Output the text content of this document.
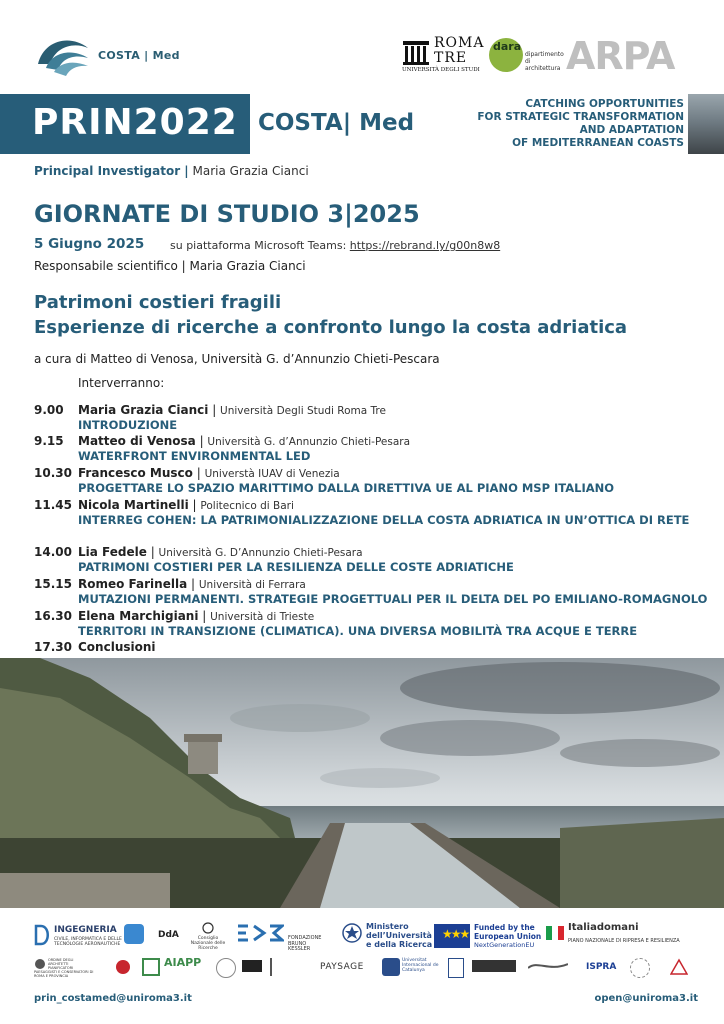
COSTA | Med
ROMA TRE
UNIVERSITÀ DEGLI STUDI
dara
dipartimento di architettura ARPA
PRIN2022 COSTA| Med
CATCHING OPPORTUNITIES
FOR STRATEGIC TRANSFORMATION
AND ADAPTATION
OF MEDITERRANEAN COASTS
Principal Investigator | Maria Grazia Cianci
GIORNATE DI STUDIO 3|2025
5 Giugno 2025 su piattaforma Microsoft Teams: https://rebrand.ly/g00n8w8
Responsabile scientifico | Maria Grazia Cianci
Patrimoni costieri fragili
Esperienze di ricerche a confronto lungo la costa adriatica
a cura di Matteo di Venosa, Università G. d’Annunzio Chieti-Pescara
Interverranno:
9.00	Maria Grazia Cianci | Università Degli Studi Roma Tre
INTRODUZIONE
9.15	Matteo di Venosa | Università G. d’Annunzio Chieti-Pesara
WATERFRONT ENVIRONMENTAL LED
10.30 Francesco Musco | Universtà IUAV di Venezia
PROGETTARE LO SPAZIO MARITTIMO DALLA DIRETTIVA UE AL PIANO MSP ITALIANO
11.45 Nicola Martinelli | Politecnico di Bari
INTERREG COHEN: LA PATRIMONIALIZZAZIONE DELLA COSTA ADRIATICA IN UN’OTTICA DI RETE
14.00 Lia Fedele | Università G. D’Annunzio Chieti-Pesara
PATRIMONI COSTIERI PER LA RESILIENZA DELLE COSTE ADRIATICHE
15.15 Romeo Farinella | Università di Ferrara
MUTAZIONI PERMANENTI. STRATEGIE PROGETTUALI PER IL DELTA DEL PO EMILIANO-ROMAGNOLO
16.30 Elena Marchigiani | Università di Trieste
TERRITORI IN TRANSIZIONE (CLIMATICA). UNA DIVERSA MOBILITÀ TRA ACQUE E TERRE
17.30 Conclusioni
INGEGNERIA
CIVILE, INFORMATICA E DELLE TECNOLOGIE AERONAUTICHE
DdA	Consiglio Nazionale delle Ricerche
FONDAZIONE BRUNO KESSLER
Ministero dell’Università e della Ricerca
★★★ Funded by the
European Union
NextGenerationEU
Italiadomani
PIANO NAZIONALE DI RIPRESA E RESILIENZA
ORDINE DEGLI ARCHITETTI PIANIFICATORI PAESAGGISTI E CONSERVATORI DI ROMA E PROVINCIA
AIAPP	PAYSAGE
Universitat Internacional de Catalunya	ISPRA
prin_costamed@uniroma3.it	open@uniroma3.it
